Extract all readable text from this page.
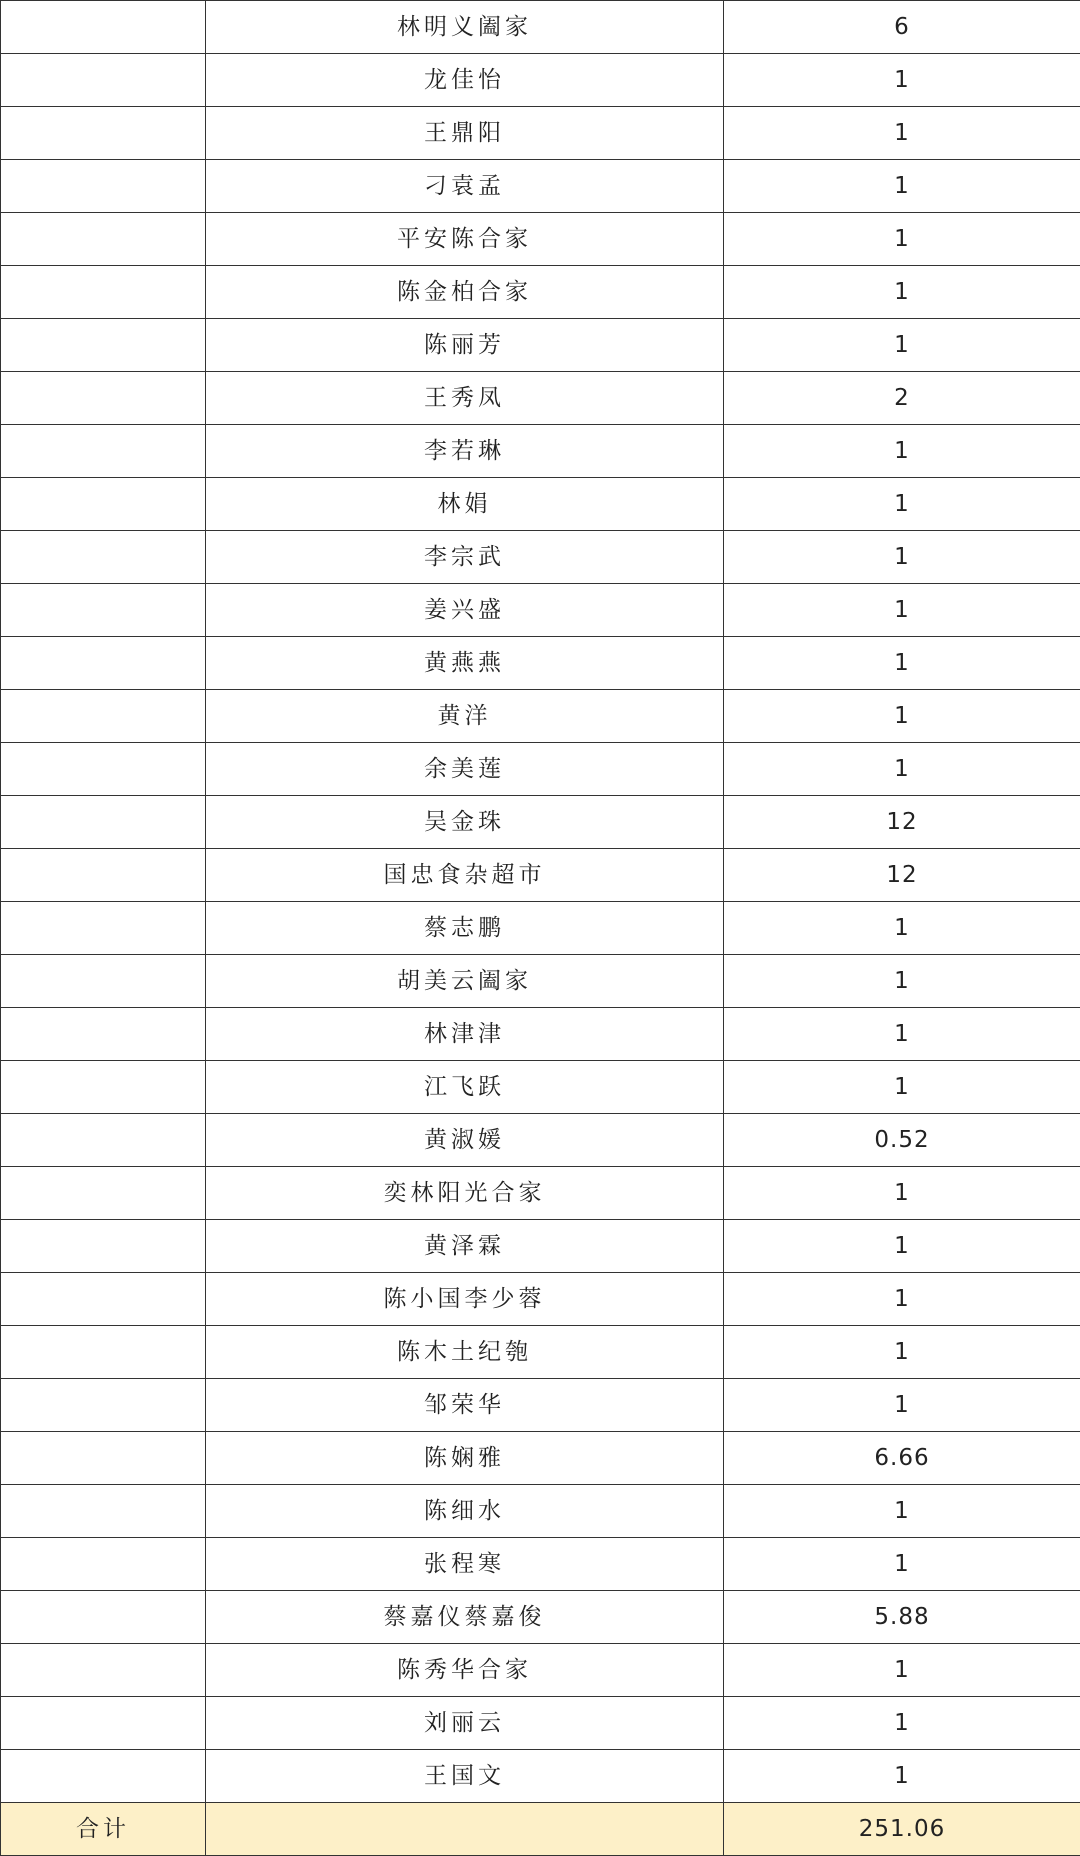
	林明义阖家	6
	龙佳怡	1
	王鼎阳	1
	刁袁孟	1
	平安陈合家	1
	陈金柏合家	1
	陈丽芳	1
	王秀凤	2
	李若琳	1
	林娟	1
	李宗武	1
	姜兴盛	1
	黄燕燕	1
	黄洋	1
	余美莲	1
	吴金珠	12
	国忠食杂超市	12
	蔡志鹏	1
	胡美云阖家	1
	林津津	1
	江飞跃	1
	黄淑媛	0.52
	奕林阳光合家	1
	黄泽霖	1
	陈小国李少蓉	1
	陈木土纪匏	1
	邹荣华	1
	陈娴雅	6.66
	陈细水	1
	张程寒	1
	蔡嘉仪蔡嘉俊	5.88
	陈秀华合家	1
	刘丽云	1
	王国文	1
合计		251.06
